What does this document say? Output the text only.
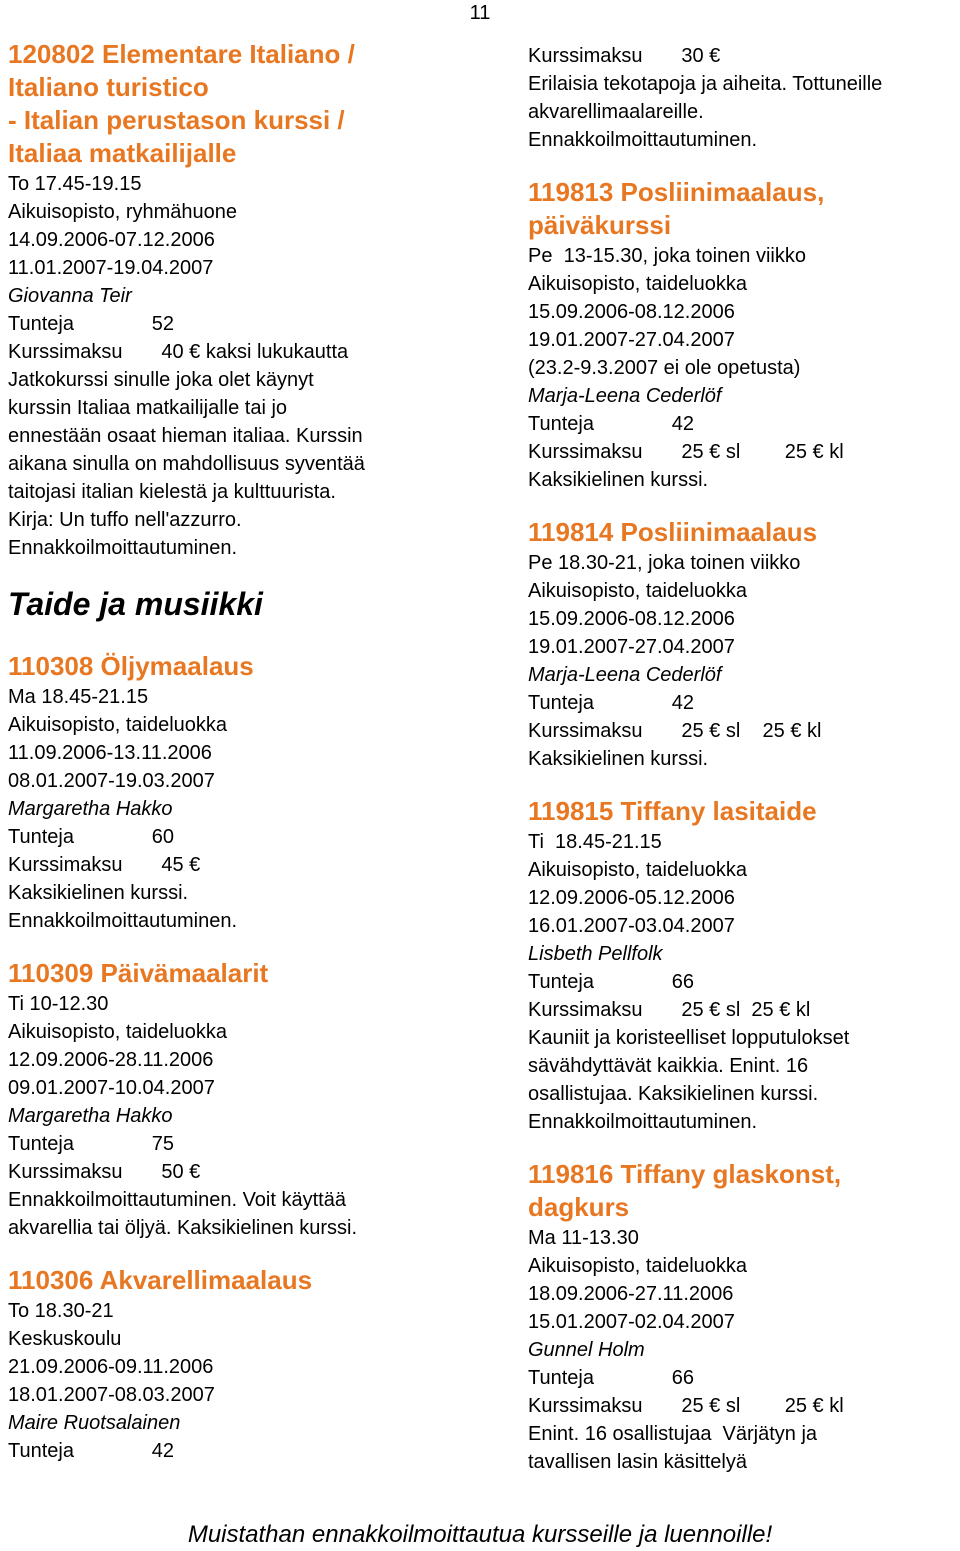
11
120802 Elementare Italiano /
Italiano turistico
- Italian perustason kurssi /
Italiaa matkailijalle
To 17.45-19.15
Aikuisopisto, ryhmähuone
14.09.2006-07.12.2006
11.01.2007-19.04.2007
Giovanna Teir
Tunteja              52
Kurssimaksu       40 € kaksi lukukautta
Jatkokurssi sinulle joka olet käynyt
kurssin Italiaa matkailijalle tai jo
ennestään osaat hieman italiaa. Kurssin
aikana sinulla on mahdollisuus syventää
taitojasi italian kielestä ja kulttuurista.
Kirja: Un tuffo nell'azzurro.
Ennakkoilmoittautuminen.
Taide ja musiikki
110308 Öljymaalaus
Ma 18.45-21.15
Aikuisopisto, taideluokka
11.09.2006-13.11.2006
08.01.2007-19.03.2007
Margaretha Hakko
Tunteja              60
Kurssimaksu       45 €
Kaksikielinen kurssi.
Ennakkoilmoittautuminen.
110309 Päivämaalarit
Ti 10-12.30
Aikuisopisto, taideluokka
12.09.2006-28.11.2006
09.01.2007-10.04.2007
Margaretha Hakko
Tunteja              75
Kurssimaksu       50 €
Ennakkoilmoittautuminen. Voit käyttää
akvarellia tai öljyä. Kaksikielinen kurssi.
110306 Akvarellimaalaus
To 18.30-21
Keskuskoulu
21.09.2006-09.11.2006
18.01.2007-08.03.2007
Maire Ruotsalainen
Tunteja              42
Kurssimaksu       30 €
Erilaisia tekotapoja ja aiheita. Tottuneille
akvarellimaalareille.
Ennakkoilmoittautuminen.
119813 Posliinimaalaus,
päiväkurssi
Pe  13-15.30, joka toinen viikko
Aikuisopisto, taideluokka
15.09.2006-08.12.2006
19.01.2007-27.04.2007
(23.2-9.3.2007 ei ole opetusta)
Marja-Leena Cederlöf
Tunteja              42
Kurssimaksu       25 € sl        25 € kl
Kaksikielinen kurssi.
119814 Posliinimaalaus
Pe 18.30-21, joka toinen viikko
Aikuisopisto, taideluokka
15.09.2006-08.12.2006
19.01.2007-27.04.2007
Marja-Leena Cederlöf
Tunteja              42
Kurssimaksu       25 € sl    25 € kl
Kaksikielinen kurssi.
119815 Tiffany lasitaide
Ti  18.45-21.15
Aikuisopisto, taideluokka
12.09.2006-05.12.2006
16.01.2007-03.04.2007
Lisbeth Pellfolk
Tunteja              66
Kurssimaksu       25 € sl  25 € kl
Kauniit ja koristeelliset lopputulokset
sävähdyttävät kaikkia. Enint. 16
osallistujaa. Kaksikielinen kurssi.
Ennakkoilmoittautuminen.
119816 Tiffany glaskonst,
dagkurs
Ma 11-13.30
Aikuisopisto, taideluokka
18.09.2006-27.11.2006
15.01.2007-02.04.2007
Gunnel Holm
Tunteja              66
Kurssimaksu       25 € sl        25 € kl
Enint. 16 osallistujaa  Värjätyn ja
tavallisen lasin käsittelyä
Muistathan ennakkoilmoittautua kursseille ja luennoille!
